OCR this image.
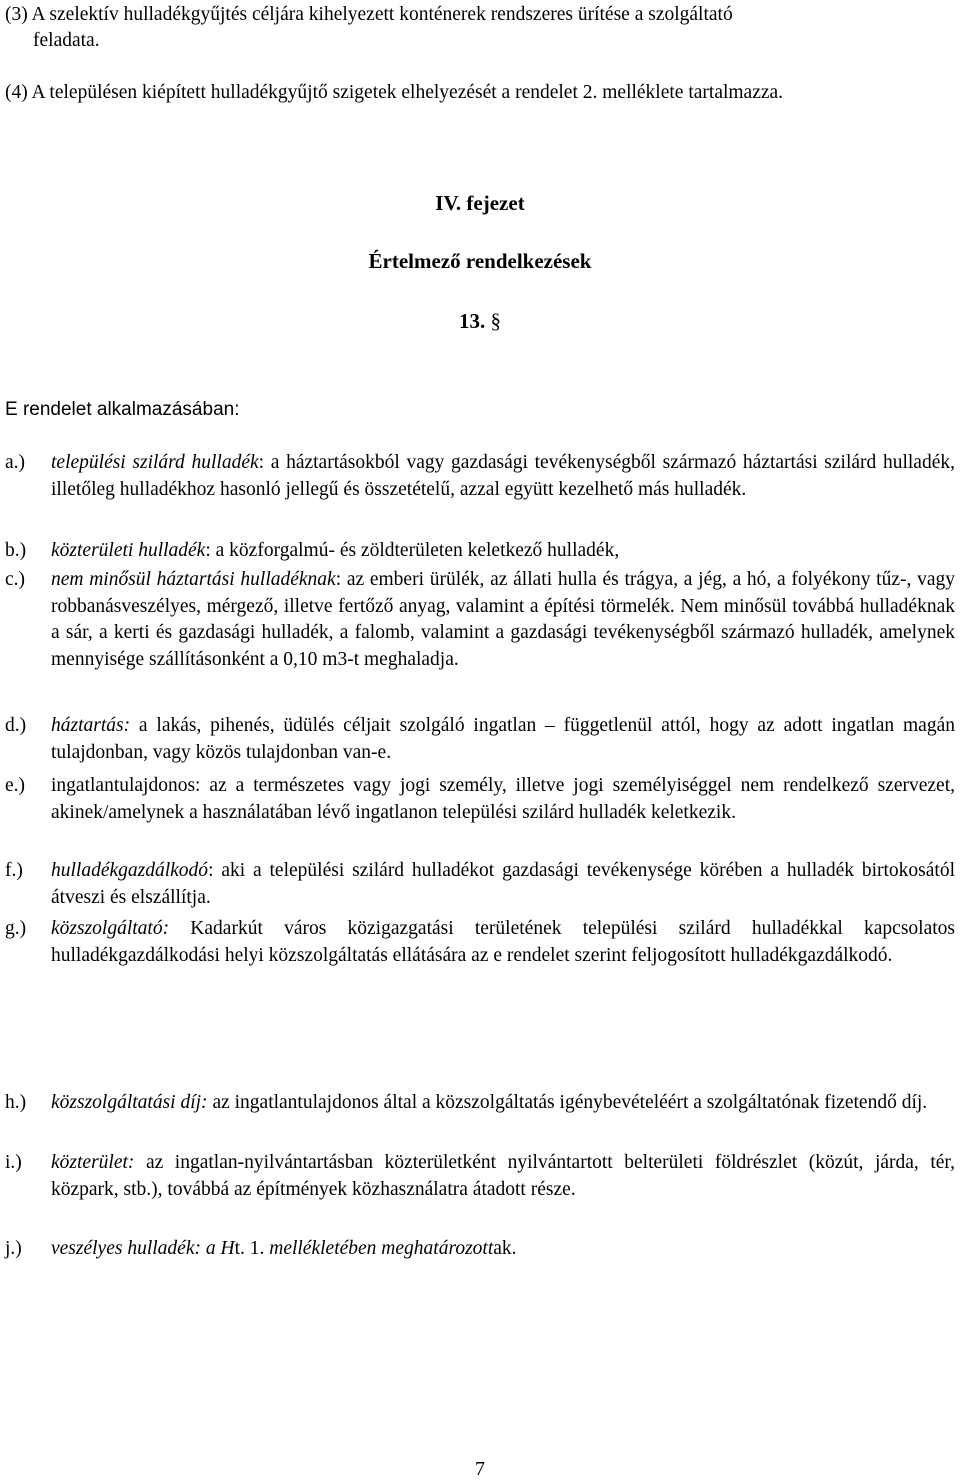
(3) A szelektív hulladékgyűjtés céljára kihelyezett konténerek rendszeres ürítése a szolgáltató
feladata.
(4) A településen kiépített hulladékgyűjtő szigetek elhelyezését a rendelet 2. melléklete tartalmazza.
IV. fejezet
Értelmező rendelkezések
13. §
E rendelet alkalmazásában:
a.) települési szilárd hulladék: a háztartásokból vagy gazdasági tevékenységből származó háztartási szilárd hulladék, illetőleg hulladékhoz hasonló jellegű és összetételű, azzal együtt kezelhető más hulladék.
b.) közterületi hulladék: a közforgalmú- és zöldterületen keletkező hulladék,
c.) nem minősül háztartási hulladéknak: az emberi ürülék, az állati hulla és trágya, a jég, a hó, a folyékony tűz-, vagy robbanásveszélyes, mérgező, illetve fertőző anyag, valamint a építési törmelék. Nem minősül továbbá hulladéknak a sár, a kerti és gazdasági hulladék, a falomb, valamint a gazdasági tevékenységből származó hulladék, amelynek mennyisége szállításonként a 0,10 m3-t meghaladja.
d.) háztartás: a lakás, pihenés, üdülés céljait szolgáló ingatlan – függetlenül attól, hogy az adott ingatlan magán tulajdonban, vagy közös tulajdonban van-e.
e.) ingatlantulajdonos: az a természetes vagy jogi személy, illetve jogi személyiséggel nem rendelkező szervezet, akinek/amelynek a használatában lévő ingatlanon települési szilárd hulladék keletkezik.
f.) hulladékgazdálkodó: aki a települési szilárd hulladékot gazdasági tevékenysége körében a hulladék birtokosától átveszi és elszállítja.
g.) közszolgáltató: Kadarkút város közigazgatási területének települési szilárd hulladékkal kapcsolatos hulladékgazdálkodási helyi közszolgáltatás ellátására az e rendelet szerint feljogosított hulladékgazdálkodó.
h.) közszolgáltatási díj: az ingatlantulajdonos által a közszolgáltatás igénybevételéért a szolgáltatónak fizetendő díj.
i.) közterület: az ingatlan-nyilvántartásban közterületként nyilvántartott belterületi földrészlet (közút, járda, tér, közpark, stb.), továbbá az építmények közhasználatra átadott része.
j.) veszélyes hulladék: a Ht. 1. mellékletében meghatározottak.
7
